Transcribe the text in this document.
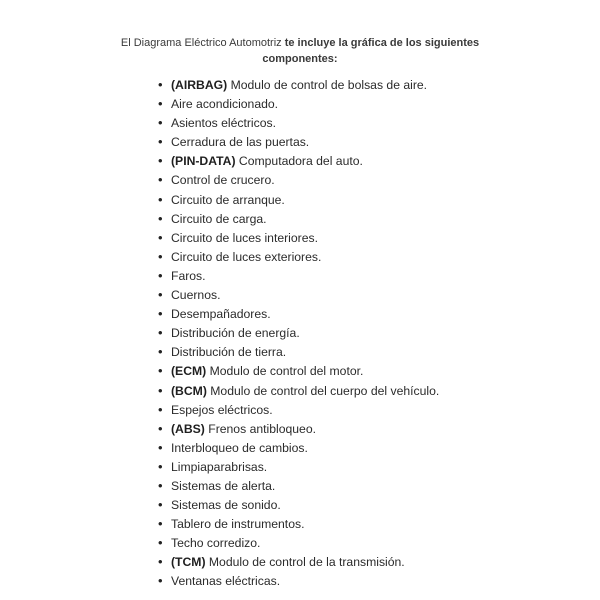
El Diagrama Eléctrico Automotriz te incluye la gráfica de los siguientes
componentes:
• (AIRBAG) Modulo de control de bolsas de aire.
• Aire acondicionado.
• Asientos eléctricos.
• Cerradura de las puertas.
• (PIN-DATA) Computadora del auto.
• Control de crucero.
• Circuito de arranque.
• Circuito de carga.
• Circuito de luces interiores.
• Circuito de luces exteriores.
• Faros.
• Cuernos.
• Desempañadores.
• Distribución de energía.
• Distribución de tierra.
• (ECM) Modulo de control del motor.
• (BCM) Modulo de control del cuerpo del vehículo.
• Espejos eléctricos.
• (ABS) Frenos antibloqueo.
• Interbloqueo de cambios.
• Limpiaparabrisas.
• Sistemas de alerta.
• Sistemas de sonido.
• Tablero de instrumentos.
• Techo corredizo.
• (TCM) Modulo de control de la transmisión.
• Ventanas eléctricas.
